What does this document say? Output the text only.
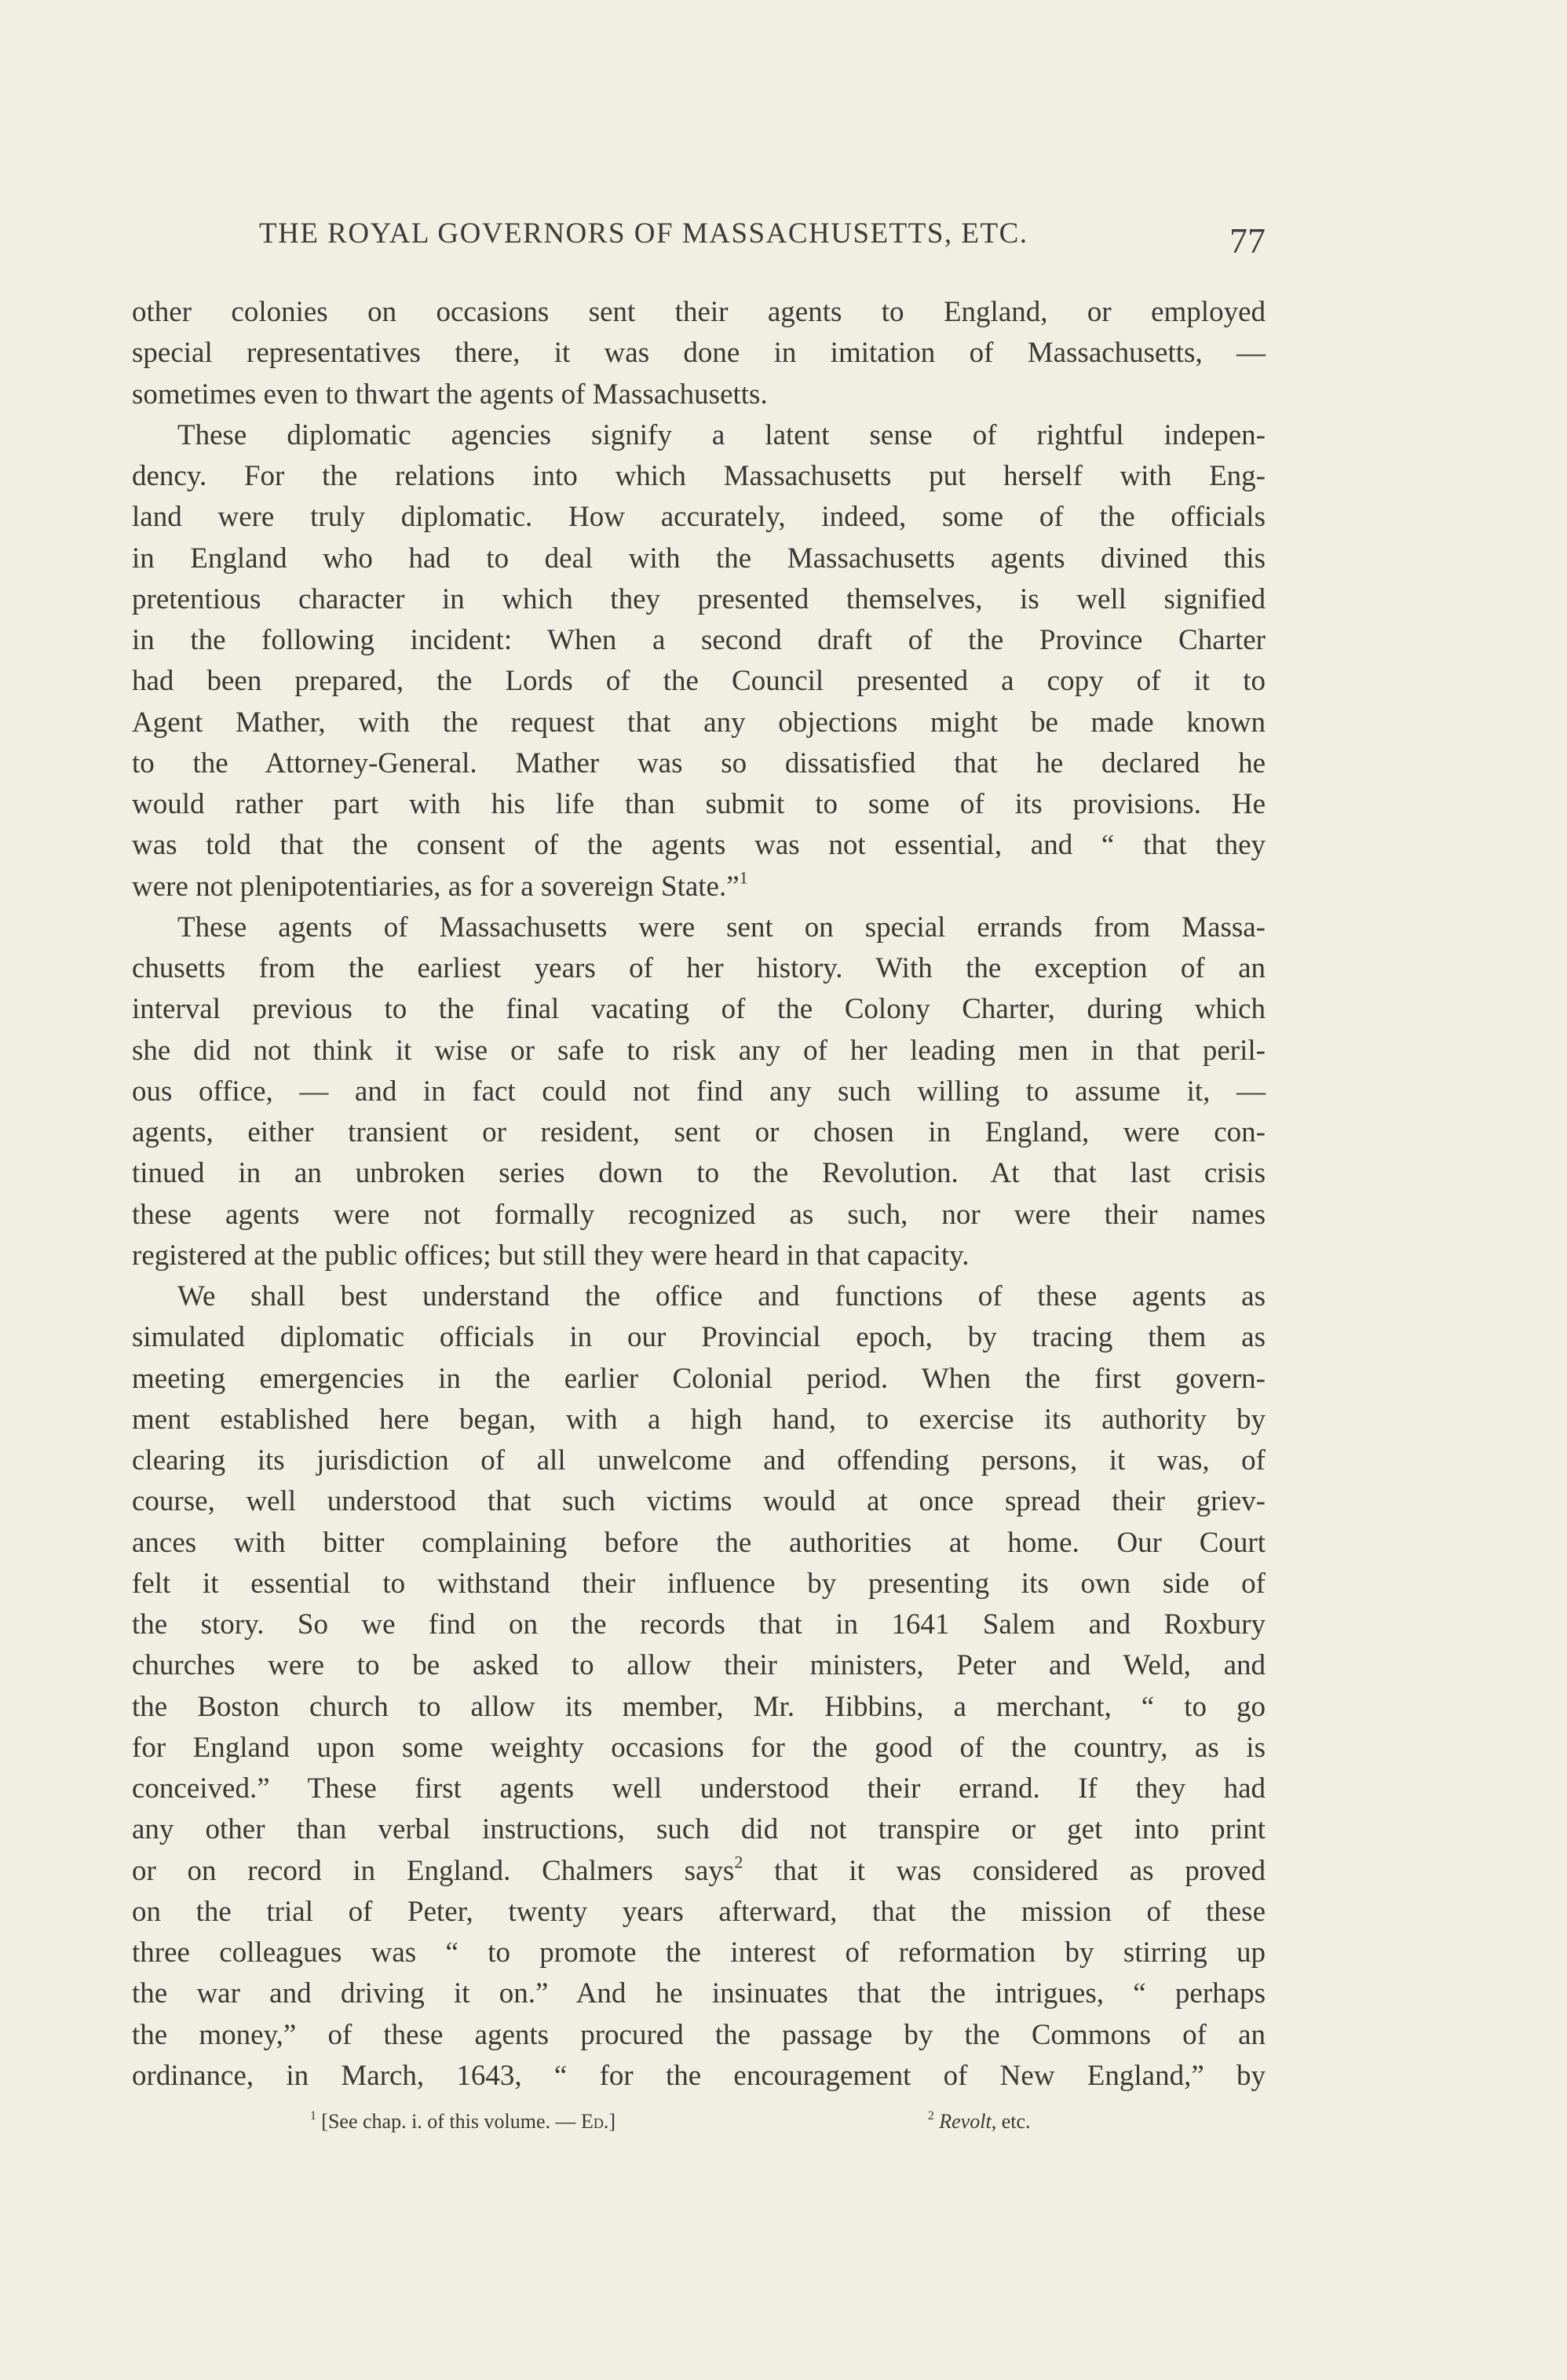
THE ROYAL GOVERNORS OF MASSACHUSETTS, ETC.	77
other colonies on occasions sent their agents to England, or employed
special representatives there, it was done in imitation of Massachusetts, —
sometimes even to thwart the agents of Massachusetts.
These diplomatic agencies signify a latent sense of rightful indepen-
dency. For the relations into which Massachusetts put herself with Eng-
land were truly diplomatic. How accurately, indeed, some of the officials
in England who had to deal with the Massachusetts agents divined this
pretentious character in which they presented themselves, is well signified
in the following incident: When a second draft of the Province Charter
had been prepared, the Lords of the Council presented a copy of it to
Agent Mather, with the request that any objections might be made known
to the Attorney-General. Mather was so dissatisfied that he declared he
would rather part with his life than submit to some of its provisions. He
was told that the consent of the agents was not essential, and “ that they
were not plenipotentiaries, as for a sovereign State.”$^1$
These agents of Massachusetts were sent on special errands from Massa-
chusetts from the earliest years of her history. With the exception of an
interval previous to the final vacating of the Colony Charter, during which
she did not think it wise or safe to risk any of her leading men in that peril-
ous office, — and in fact could not find any such willing to assume it, —
agents, either transient or resident, sent or chosen in England, were con-
tinued in an unbroken series down to the Revolution. At that last crisis
these agents were not formally recognized as such, nor were their names
registered at the public offices; but still they were heard in that capacity.
We shall best understand the office and functions of these agents as
simulated diplomatic officials in our Provincial epoch, by tracing them as
meeting emergencies in the earlier Colonial period. When the first govern-
ment established here began, with a high hand, to exercise its authority by
clearing its jurisdiction of all unwelcome and offending persons, it was, of
course, well understood that such victims would at once spread their griev-
ances with bitter complaining before the authorities at home. Our Court
felt it essential to withstand their influence by presenting its own side of
the story. So we find on the records that in 1641 Salem and Roxbury
churches were to be asked to allow their ministers, Peter and Weld, and
the Boston church to allow its member, Mr. Hibbins, a merchant, “ to go
for England upon some weighty occasions for the good of the country, as is
conceived.” These first agents well understood their errand. If they had
any other than verbal instructions, such did not transpire or get into print
or on record in England. Chalmers says$^2$ that it was considered as proved
on the trial of Peter, twenty years afterward, that the mission of these
three colleagues was “ to promote the interest of reformation by stirring up
the war and driving it on.” And he insinuates that the intrigues, “ perhaps
the money,” of these agents procured the passage by the Commons of an
ordinance, in March, 1643, “ for the encouragement of New England,” by
$^1$ [See chap. i. of this volume. — Ed.]	$^2$ Revolt, etc.
